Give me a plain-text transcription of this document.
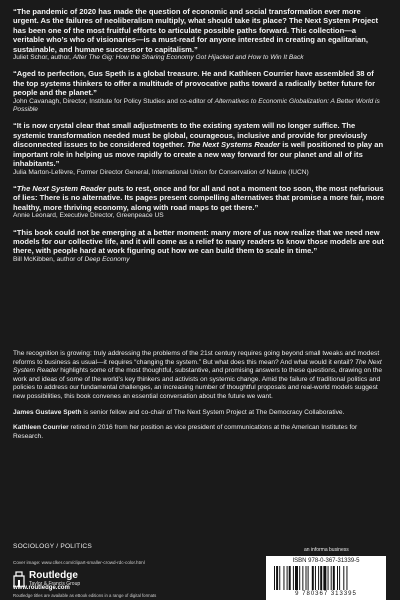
“The pandemic of 2020 has made the question of economic and social transformation ever more urgent. As the failures of neoliberalism multiply, what should take its place? The Next System Project has been one of the most fruitful efforts to articulate possible paths forward. This collection—a veritable who’s who of visionaries—is a must-read for anyone interested in creating an egalitarian, sustainable, and humane successor to capitalism.”

Juliet Schor, author, After The Gig: How the Sharing Economy Got Hijacked and How to Win It Back

“Aged to perfection, Gus Speth is a global treasure. He and Kathleen Courrier have assembled 38 of the top systems thinkers to offer a multitude of provocative paths toward a radically better future for people and the planet.”

John Cavanagh, Director, Institute for Policy Studies and co-editor of Alternatives to Economic Globalization: A Better World is Possible

“It is now crystal clear that small adjustments to the existing system will no longer suffice. The systemic transformation needed must be global, courageous, inclusive and provide for previously disconnected issues to be considered together. The Next Systems Reader is well positioned to play an important role in helping us move rapidly to create a new way forward for our planet and all of its inhabitants.”

Julia Marton-Lefèvre, Former Director General, International Union for Conservation of Nature (IUCN)

“The Next System Reader puts to rest, once and for all and not a moment too soon, the most nefarious of lies: There is no alternative. Its pages present compelling alternatives that promise a more fair, more healthy, more thriving economy, along with road maps to get there.”

Annie Leonard, Executive Director, Greenpeace US

“This book could not be emerging at a better moment: many more of us now realize that we need new models for our collective life, and it will come as a relief to many readers to know those models are out there, with people hard at work figuring out how we can build them to scale in time.”

Bill McKibben, author of Deep Economy

The recognition is growing: truly addressing the problems of the 21st century requires going beyond small tweaks and modest reforms to business as usual—it requires “changing the system.” But what does this mean? And what would it entail? The Next System Reader highlights some of the most thoughtful, substantive, and promising answers to these questions, drawing on the work and ideas of some of the world’s key thinkers and activists on systemic change. Amid the failure of traditional politics and policies to address our fundamental challenges, an increasing number of thoughtful proposals and real-world models suggest new possibilities, this book convenes an essential conversation about the future we want.

James Gustave Speth is senior fellow and co-chair of The Next System Project at The Democracy Collaborative.

Kathleen Courrier retired in 2016 from her position as vice president of communications at the American Institutes for Research.

SOCIOLOGY / POLITICS
Cover image: www.clker.com/clipart-smaller-crowd-rdc-color.html
Routledge
Taylor & Francis Group
www.routledge.com
Routledge titles are available as eBook editions in a range of digital formats
an informa business
ISBN 978-0-367-31339-5
9 780367 313395
